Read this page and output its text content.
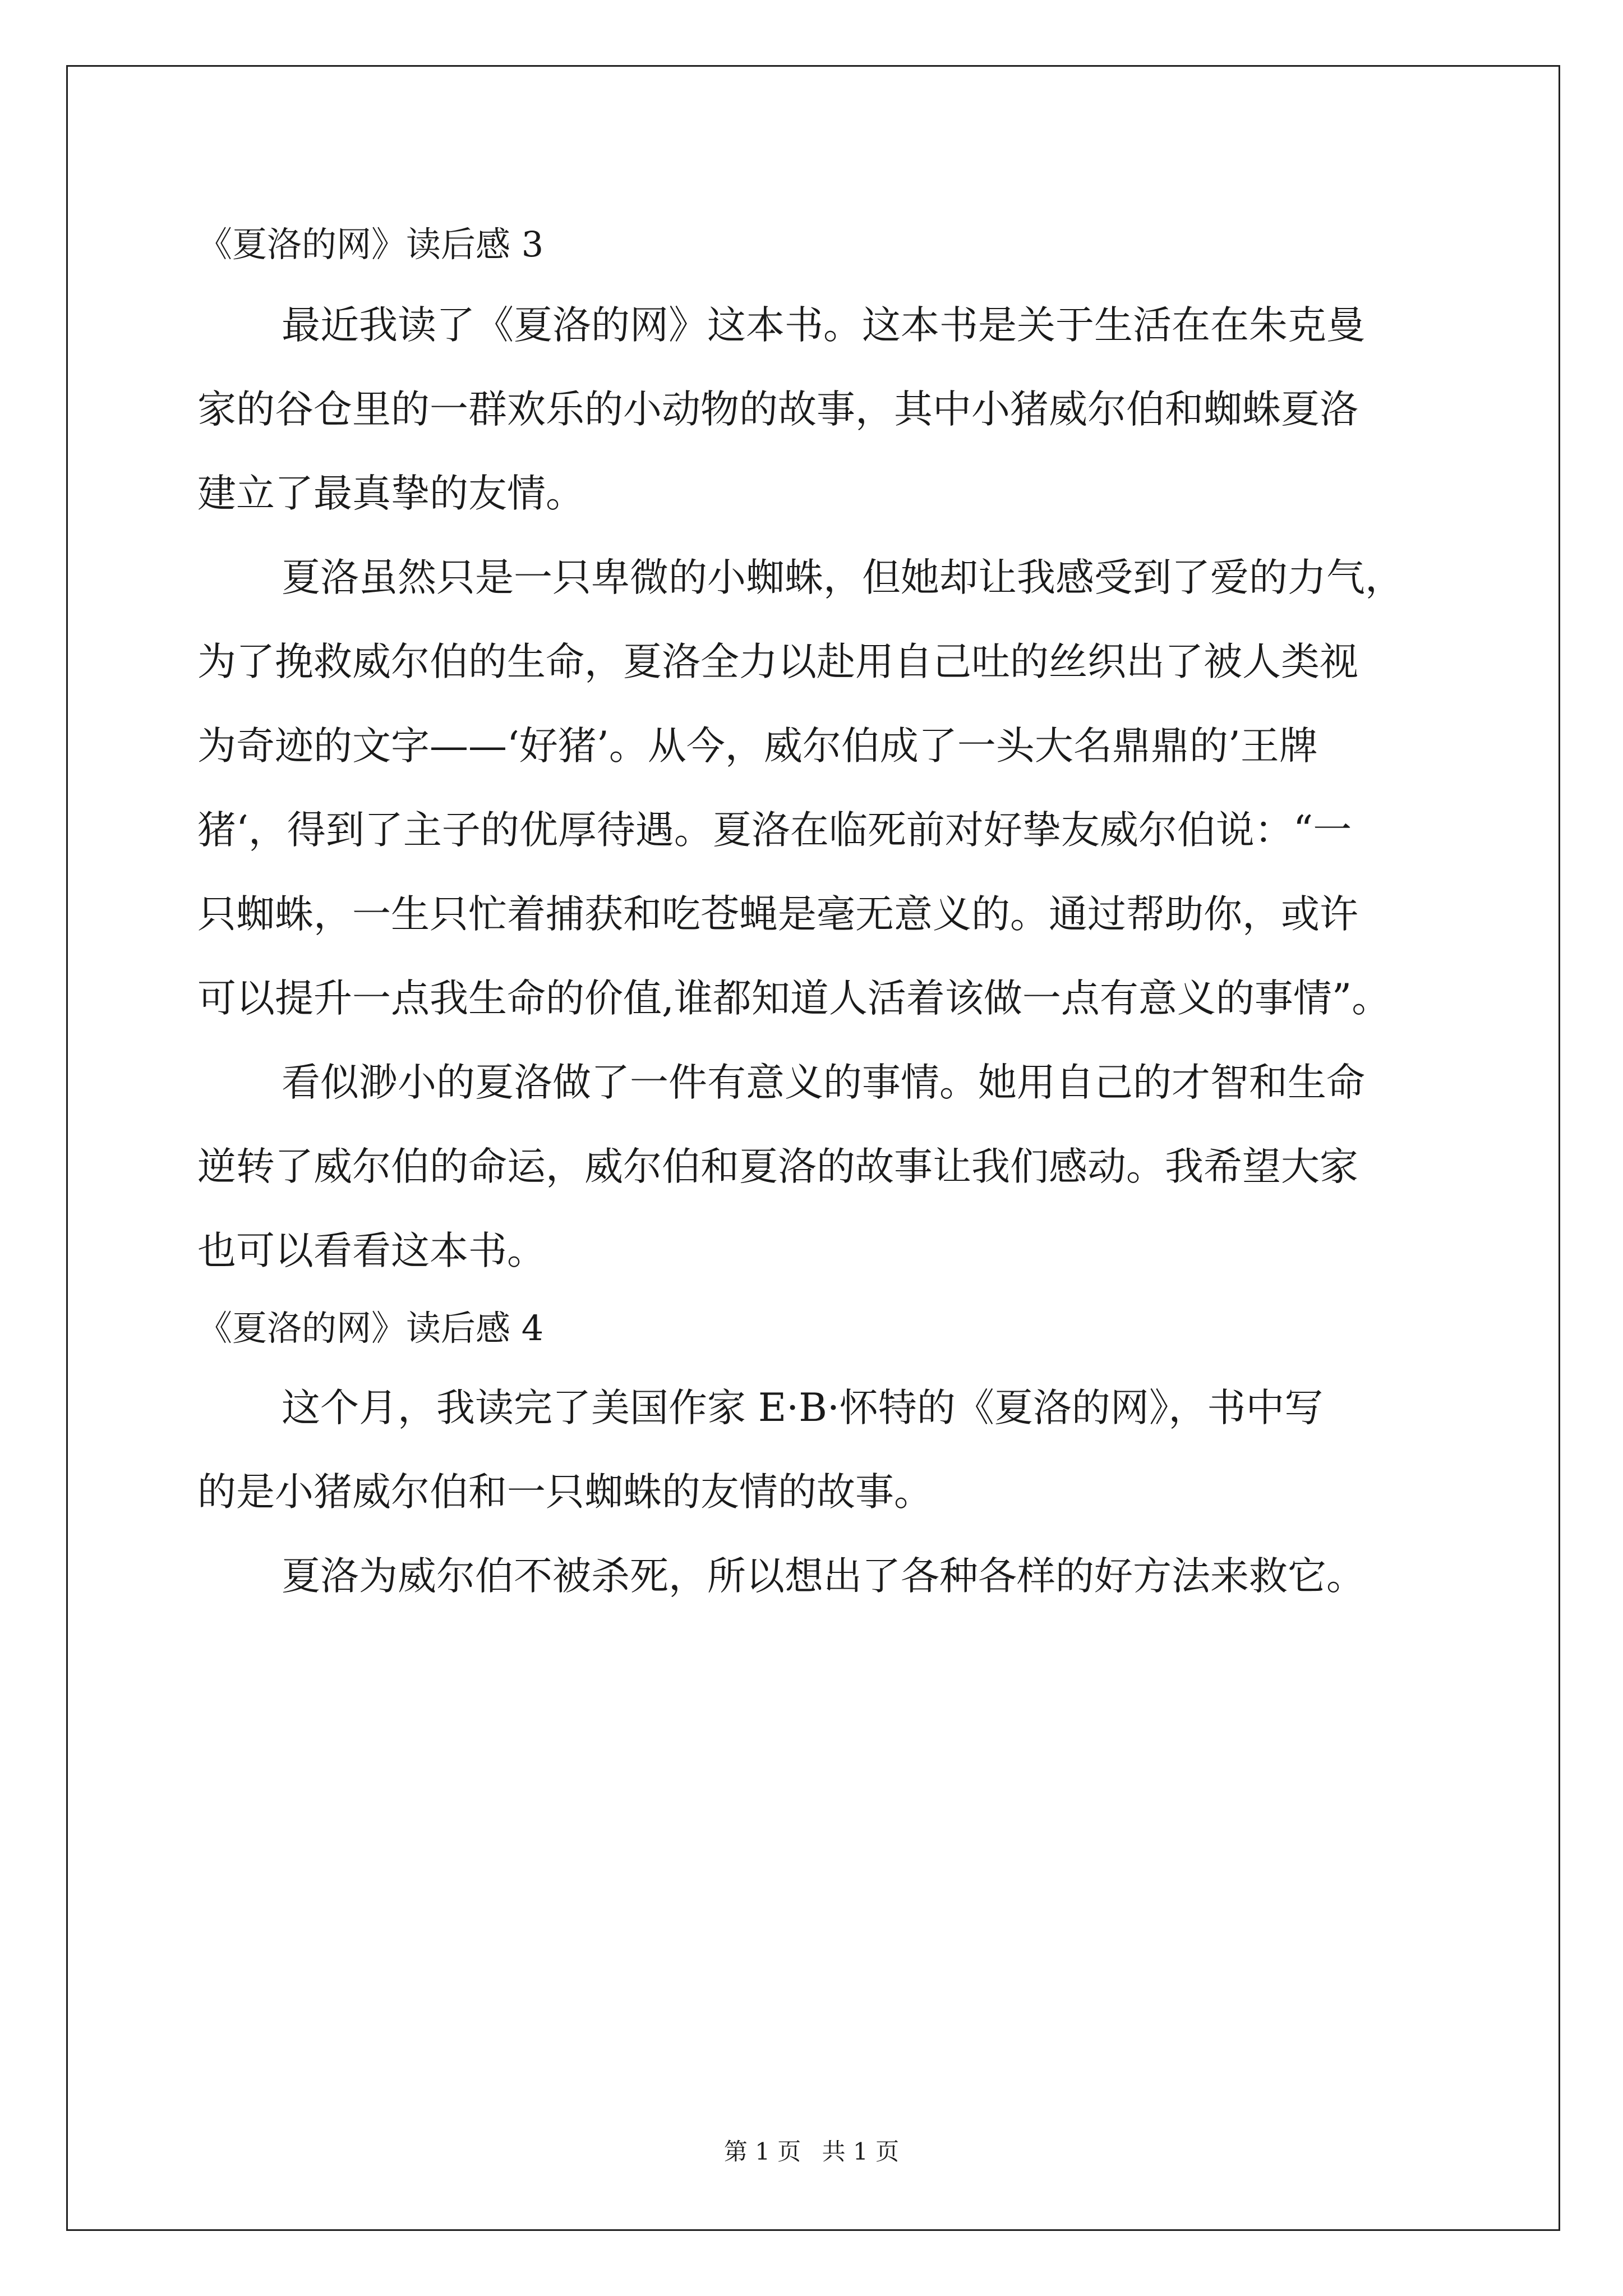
《夏洛的网》读后感 3
最近我读了《夏洛的网》这本书。这本书是关于生活在在朱克曼
家的谷仓里的一群欢乐的小动物的故事，其中小猪威尔伯和蜘蛛夏洛
建立了最真挚的友情。
夏洛虽然只是一只卑微的小蜘蛛，但她却让我感受到了爱的力气，
为了挽救威尔伯的生命，夏洛全力以赴用自己吐的丝织出了被人类视
为奇迹的文字——‘好猪’。从今，威尔伯成了一头大名鼎鼎的’王牌
猪‘，得到了主子的优厚待遇。夏洛在临死前对好挚友威尔伯说：“一
只蜘蛛，一生只忙着捕获和吃苍蝇是毫无意义的。通过帮助你，或许
可以提升一点我生命的价值,谁都知道人活着该做一点有意义的事情”。
看似渺小的夏洛做了一件有意义的事情。她用自己的才智和生命
逆转了威尔伯的命运，威尔伯和夏洛的故事让我们感动。我希望大家
也可以看看这本书。
《夏洛的网》读后感 4
这个月，我读完了美国作家 E·B·怀特的《夏洛的网》，书中写
的是小猪威尔伯和一只蜘蛛的友情的故事。
夏洛为威尔伯不被杀死，所以想出了各种各样的好方法来救它。
第 1 页 共 1 页
